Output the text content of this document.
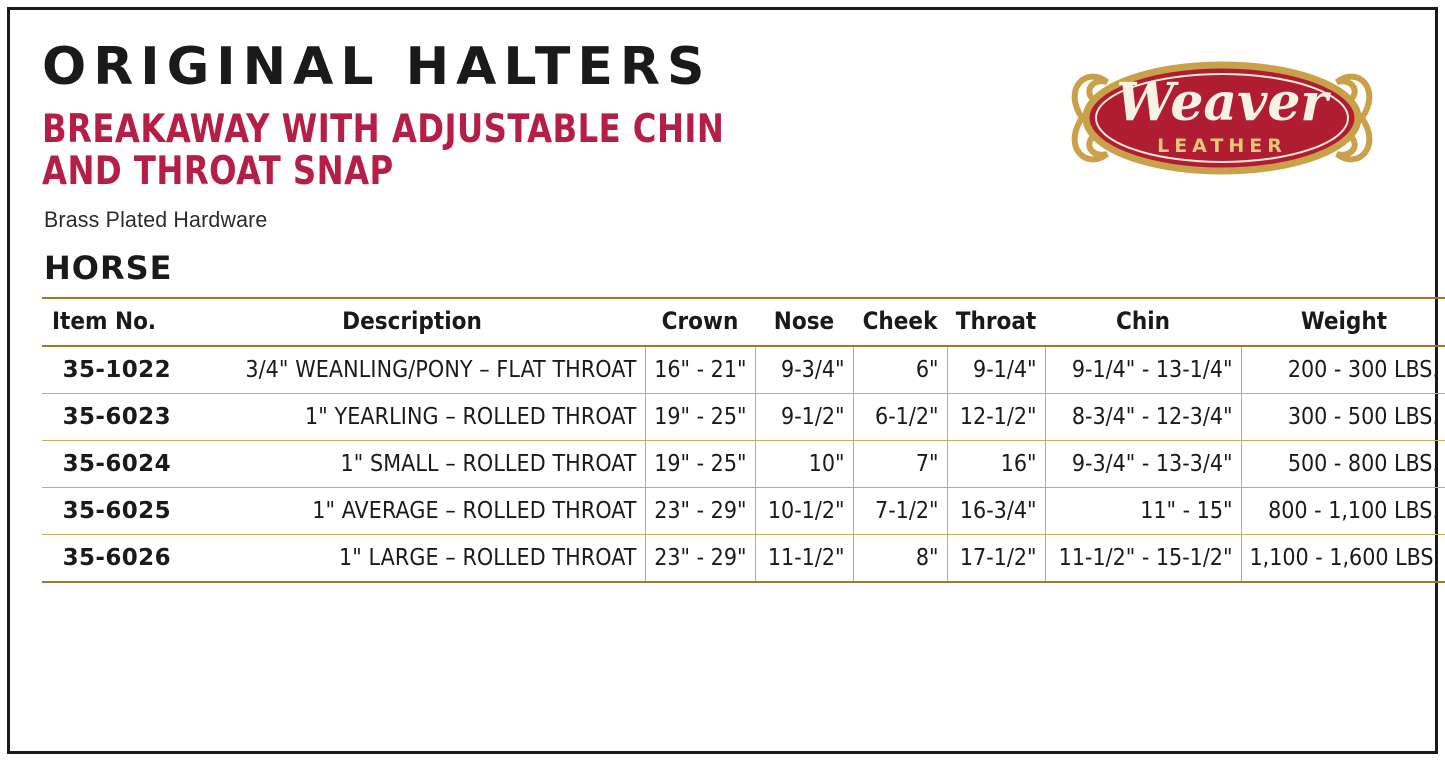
ORIGINAL HALTERS
BREAKAWAY WITH ADJUSTABLE CHIN AND THROAT SNAP
Brass Plated Hardware
HORSE
Item No.	Description	Crown	Nose	Cheek	Throat	Chin	Weight
35-1022	3/4" WEANLING/PONY – FLAT THROAT	16" - 21"	9-3/4"	6"	9-1/4"	9-1/4" - 13-1/4"	200 - 300 LBS.
35-6023	1" YEARLING – ROLLED THROAT	19" - 25"	9-1/2"	6-1/2"	12-1/2"	8-3/4" - 12-3/4"	300 - 500 LBS.
35-6024	1" SMALL – ROLLED THROAT	19" - 25"	10"	7"	16"	9-3/4" - 13-3/4"	500 - 800 LBS.
35-6025	1" AVERAGE – ROLLED THROAT	23" - 29"	10-1/2"	7-1/2"	16-3/4"	11" - 15"	800 - 1,100 LBS.
35-6026	1" LARGE – ROLLED THROAT	23" - 29"	11-1/2"	8"	17-1/2"	11-1/2" - 15-1/2"	1,100 - 1,600 LBS.
Weaver
LEATHER
